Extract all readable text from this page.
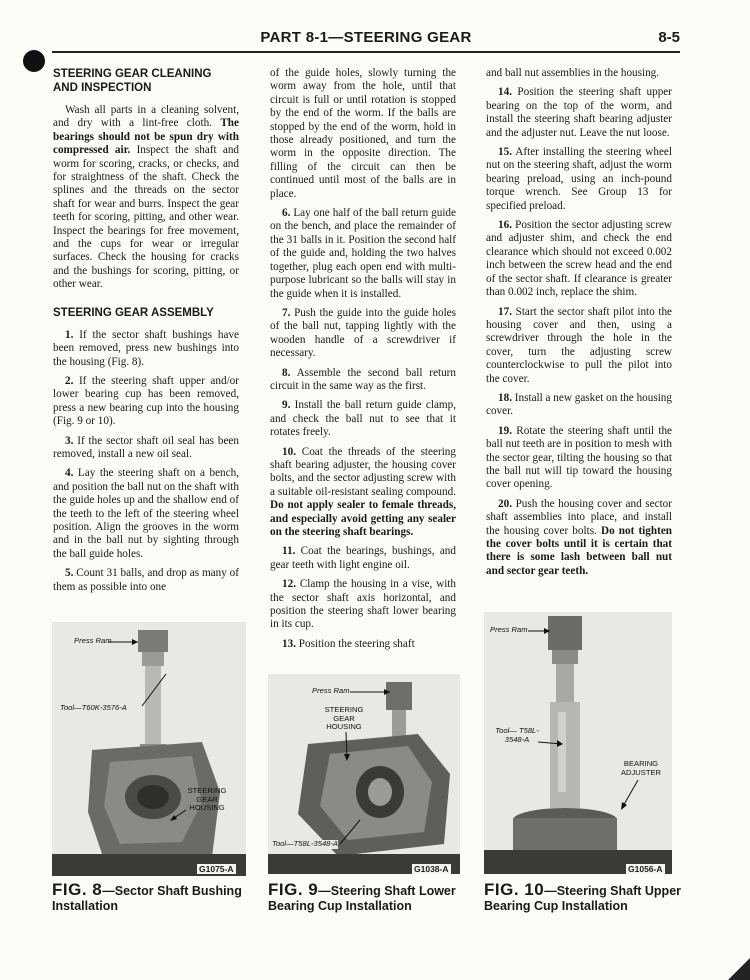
PART 8-1—STEERING GEAR	8-5
STEERING GEAR CLEANING AND INSPECTION

Wash all parts in a cleaning solvent, and dry with a lint-free cloth. The bearings should not be spun dry with compressed air. Inspect the shaft and worm for scoring, cracks, or checks, and for straightness of the shaft. Check the splines and the threads on the sector shaft for wear and burrs. Inspect the gear teeth for scoring, pitting, and other wear. Inspect the bearings for free movement, and the cups for wear or irregular surfaces. Check the housing for cracks and the bushings for scoring, pitting, or other wear.

STEERING GEAR ASSEMBLY

1. If the sector shaft bushings have been removed, press new bushings into the housing (Fig. 8).

2. If the steering shaft upper and/or lower bearing cup has been removed, press a new bearing cup into the housing (Fig. 9 or 10).

3. If the sector shaft oil seal has been removed, install a new oil seal.

4. Lay the steering shaft on a bench, and position the ball nut on the shaft with the guide holes up and the shallow end of the teeth to the left of the steering wheel position. Align the grooves in the worm and in the ball nut by sighting through the ball guide holes.

5. Count 31 balls, and drop as many of them as possible into one

of the guide holes, slowly turning the worm away from the hole, until that circuit is full or until rotation is stopped by the end of the worm. If the balls are stopped by the end of the worm, hold in those already positioned, and turn the worm in the opposite direction. The filling of the circuit can then be continued until most of the balls are in place.

6. Lay one half of the ball return guide on the bench, and place the remainder of the 31 balls in it. Position the second half of the guide and, holding the two halves together, plug each open end with multi-purpose lubricant so the balls will stay in the guide when it is installed.

7. Push the guide into the guide holes of the ball nut, tapping lightly with the wooden handle of a screwdriver if necessary.

8. Assemble the second ball return circuit in the same way as the first.

9. Install the ball return guide clamp, and check the ball nut to see that it rotates freely.

10. Coat the threads of the steering shaft bearing adjuster, the housing cover bolts, and the sector adjusting screw with a suitable oil-resistant sealing compound. Do not apply sealer to female threads, and especially avoid getting any sealer on the steering shaft bearings.

11. Coat the bearings, bushings, and gear teeth with light engine oil.

12. Clamp the housing in a vise, with the sector shaft axis horizontal, and position the steering shaft lower bearing in its cup.

13. Position the steering shaft

and ball nut assemblies in the housing.

14. Position the steering shaft upper bearing on the top of the worm, and install the steering shaft bearing adjuster and the adjuster nut. Leave the nut loose.

15. After installing the steering wheel nut on the steering shaft, adjust the worm bearing preload, using an inch-pound torque wrench. See Group 13 for specified preload.

16. Position the sector adjusting screw and adjuster shim, and check the end clearance which should not exceed 0.002 inch between the screw head and the end of the sector shaft. If clearance is greater than 0.002 inch, replace the shim.

17. Start the sector shaft pilot into the housing cover and then, using a screwdriver through the hole in the cover, turn the adjusting screw counterclockwise to pull the pilot into the cover.

18. Install a new gasket on the housing cover.

19. Rotate the steering shaft until the ball nut teeth are in position to mesh with the sector gear, tilting the housing so that the ball nut will tip toward the housing cover opening.

20. Push the housing cover and sector shaft assemblies into place, and install the housing cover bolts. Do not tighten the cover bolts until it is certain that there is some lash between ball nut and sector gear teeth.

Press Ram
Tool—T60K-3576-A
STEERING GEAR HOUSING
G1075-A
FIG. 8—Sector Shaft Bushing Installation
Press Ram
STEERING GEAR HOUSING
Tool—T58L-3548-A
G1038-A
FIG. 9—Steering Shaft Lower Bearing Cup Installation
Press Ram
Tool— T58L-3548-A
BEARING ADJUSTER
G1056-A
FIG. 10—Steering Shaft Upper Bearing Cup Installation
